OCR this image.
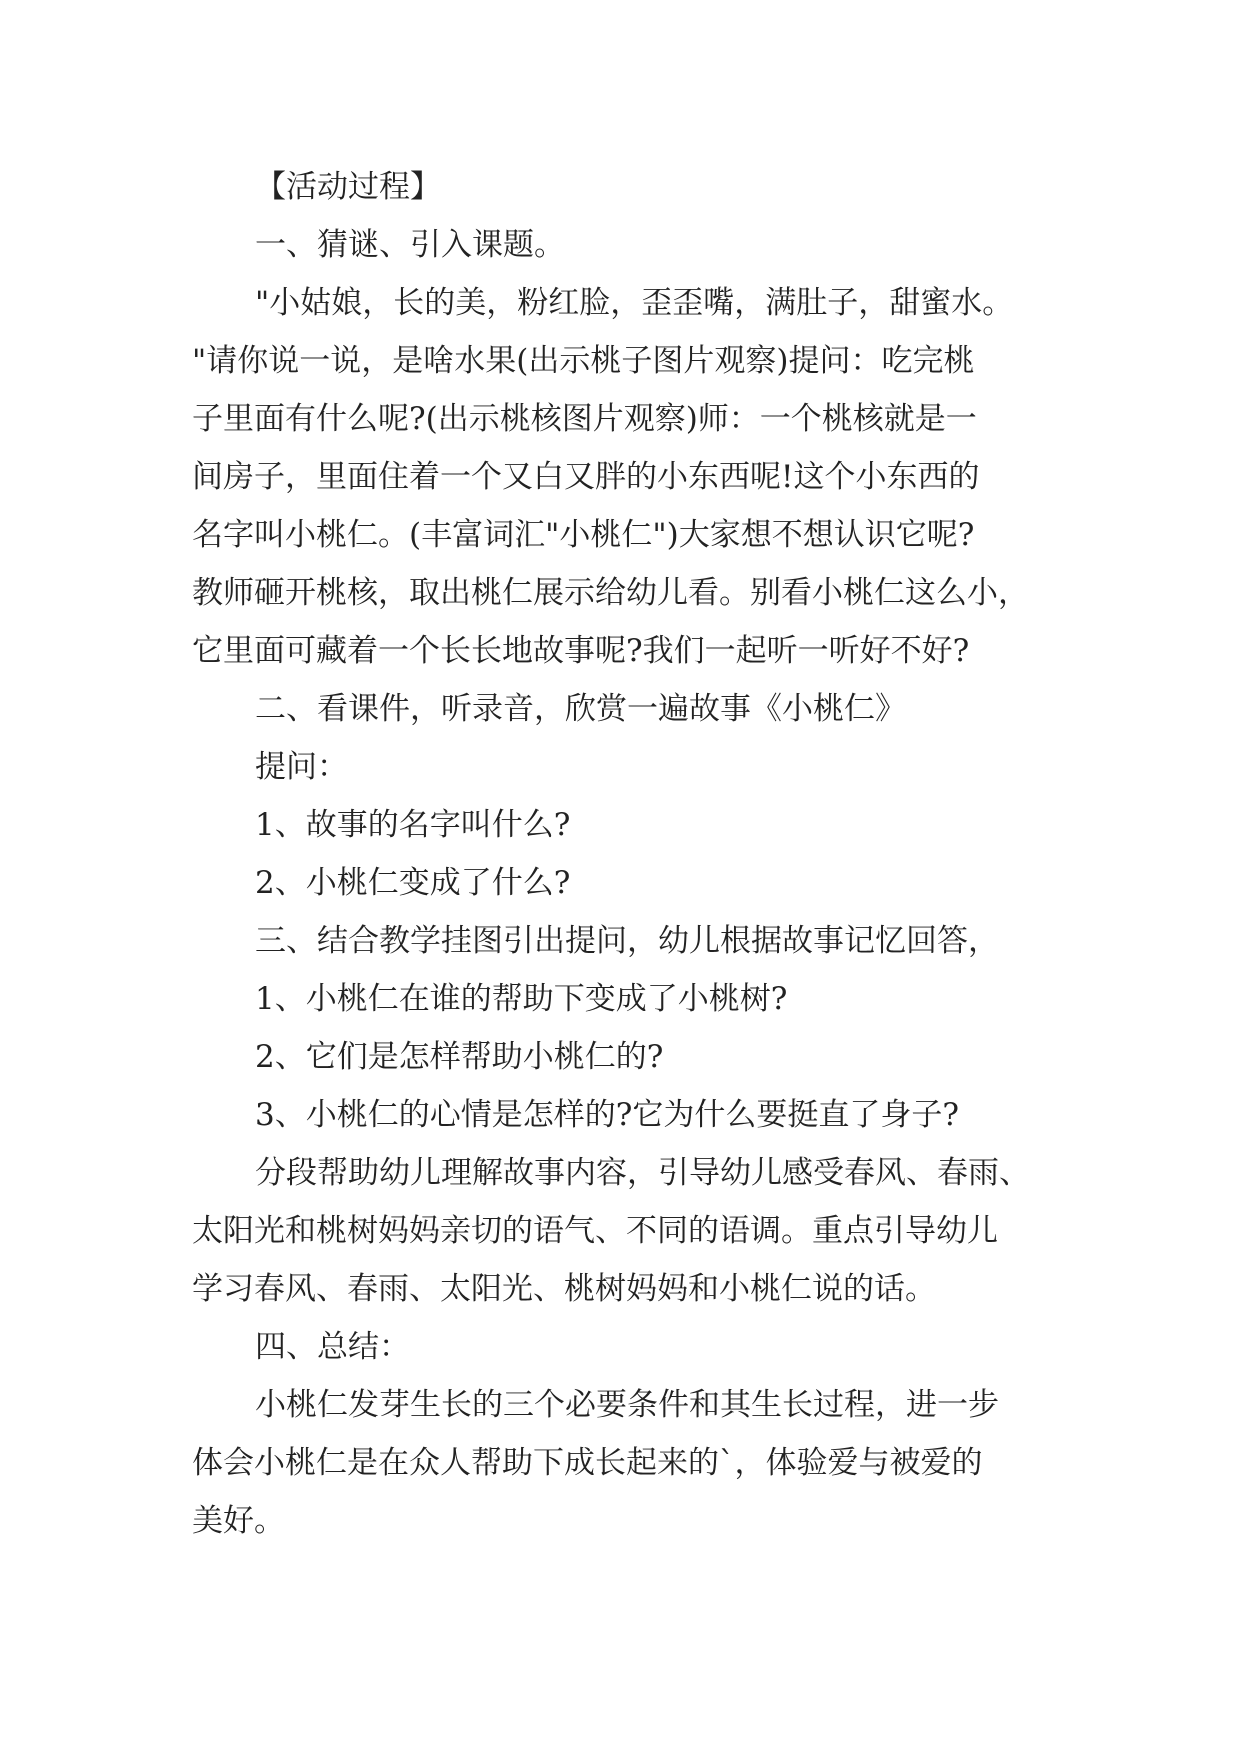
【活动过程】
一、猜谜、引入课题。
"小姑娘，长的美，粉红脸，歪歪嘴，满肚子，甜蜜水。
"请你说一说，是啥水果(出示桃子图片观察)提问：吃完桃
子里面有什么呢?(出示桃核图片观察)师：一个桃核就是一
间房子，里面住着一个又白又胖的小东西呢!这个小东西的
名字叫小桃仁。(丰富词汇"小桃仁")大家想不想认识它呢?
教师砸开桃核，取出桃仁展示给幼儿看。别看小桃仁这么小，
它里面可藏着一个长长地故事呢?我们一起听一听好不好?
二、看课件，听录音，欣赏一遍故事《小桃仁》
提问：
1、故事的名字叫什么?
2、小桃仁变成了什么?
三、结合教学挂图引出提问，幼儿根据故事记忆回答，
1、小桃仁在谁的帮助下变成了小桃树?
2、它们是怎样帮助小桃仁的?
3、小桃仁的心情是怎样的?它为什么要挺直了身子?
分段帮助幼儿理解故事内容，引导幼儿感受春风、春雨、
太阳光和桃树妈妈亲切的语气、不同的语调。重点引导幼儿
学习春风、春雨、太阳光、桃树妈妈和小桃仁说的话。
四、总结：
小桃仁发芽生长的三个必要条件和其生长过程，进一步
体会小桃仁是在众人帮助下成长起来的`，体验爱与被爱的
美好。
